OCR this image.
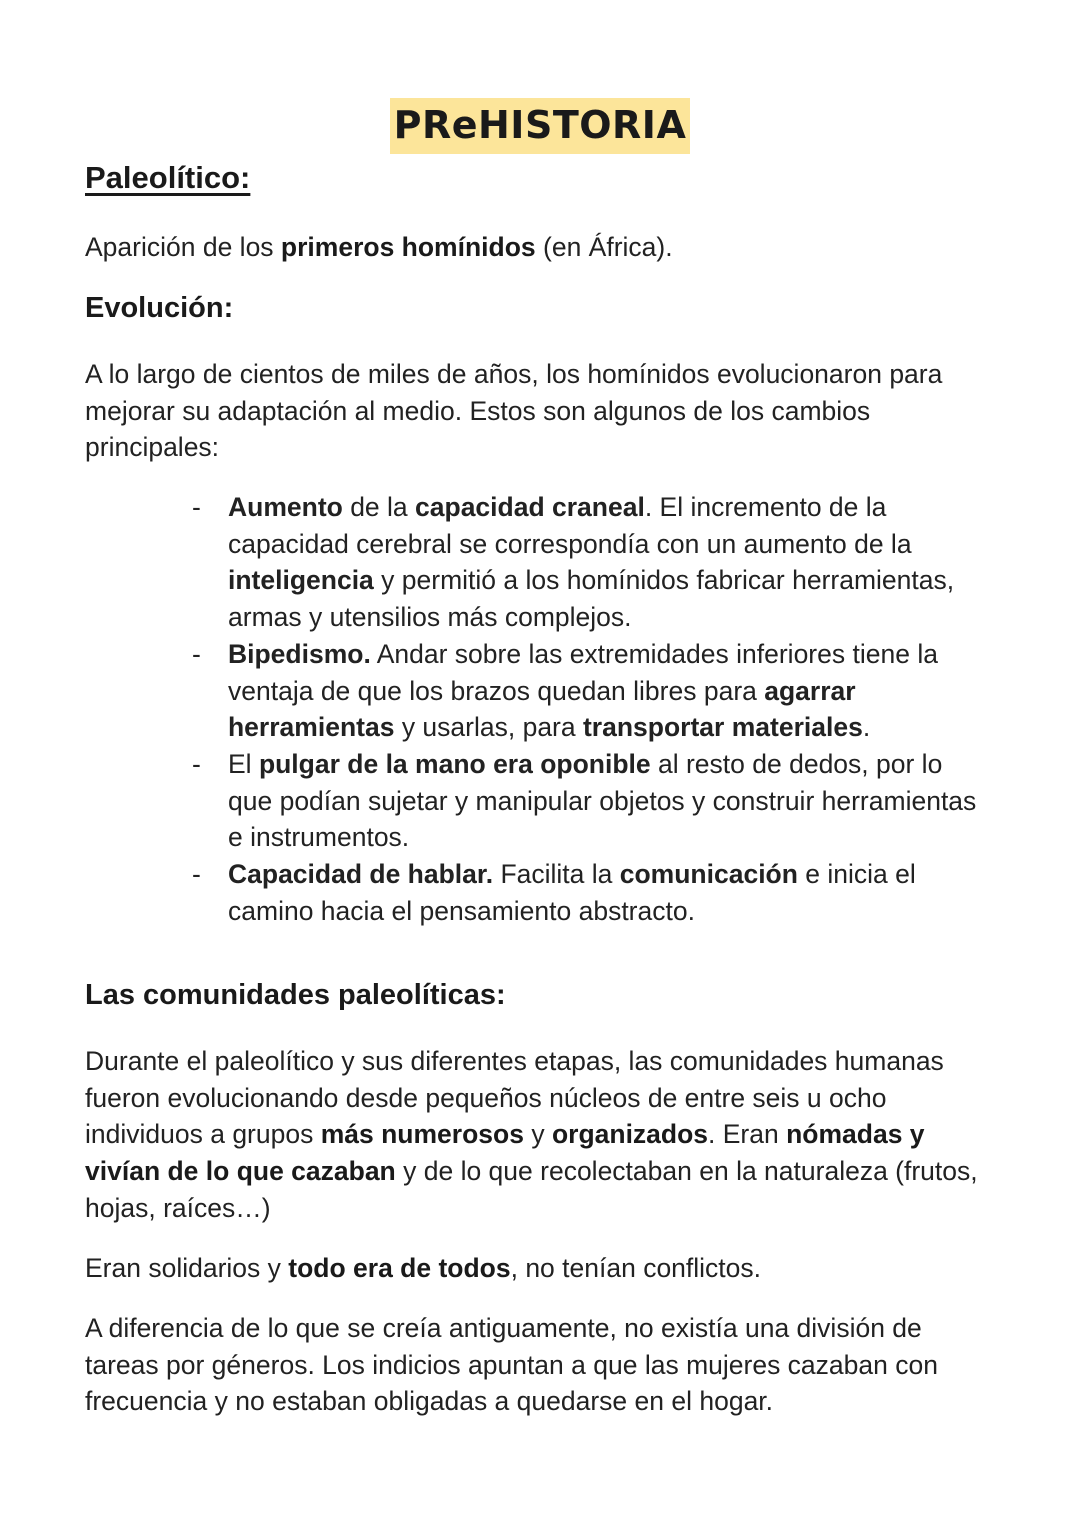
PRеHISTORIA
Paleolítico:

Aparición de los primeros homínidos (en África).

Evolución:

A lo largo de cientos de miles de años, los homínidos evolucionaron para mejorar su adaptación al medio. Estos son algunos de los cambios principales:

- Aumento de la capacidad craneal. El incremento de la capacidad cerebral se correspondía con un aumento de la inteligencia y permitió a los homínidos fabricar herramientas, armas y utensilios más complejos.
- Bipedismo. Andar sobre las extremidades inferiores tiene la ventaja de que los brazos quedan libres para agarrar herramientas y usarlas, para transportar materiales.
- El pulgar de la mano era oponible al resto de dedos, por lo que podían sujetar y manipular objetos y construir herramientas e instrumentos.
- Capacidad de hablar. Facilita la comunicación e inicia el camino hacia el pensamiento abstracto.
Las comunidades paleolíticas:

Durante el paleolítico y sus diferentes etapas, las comunidades humanas fueron evolucionando desde pequeños núcleos de entre seis u ocho individuos a grupos más numerosos y organizados. Eran nómadas y vivían de lo que cazaban y de lo que recolectaban en la naturaleza (frutos, hojas, raíces…)

Eran solidarios y todo era de todos, no tenían conflictos.

A diferencia de lo que se creía antiguamente, no existía una división de tareas por géneros. Los indicios apuntan a que las mujeres cazaban con frecuencia y no estaban obligadas a quedarse en el hogar.
